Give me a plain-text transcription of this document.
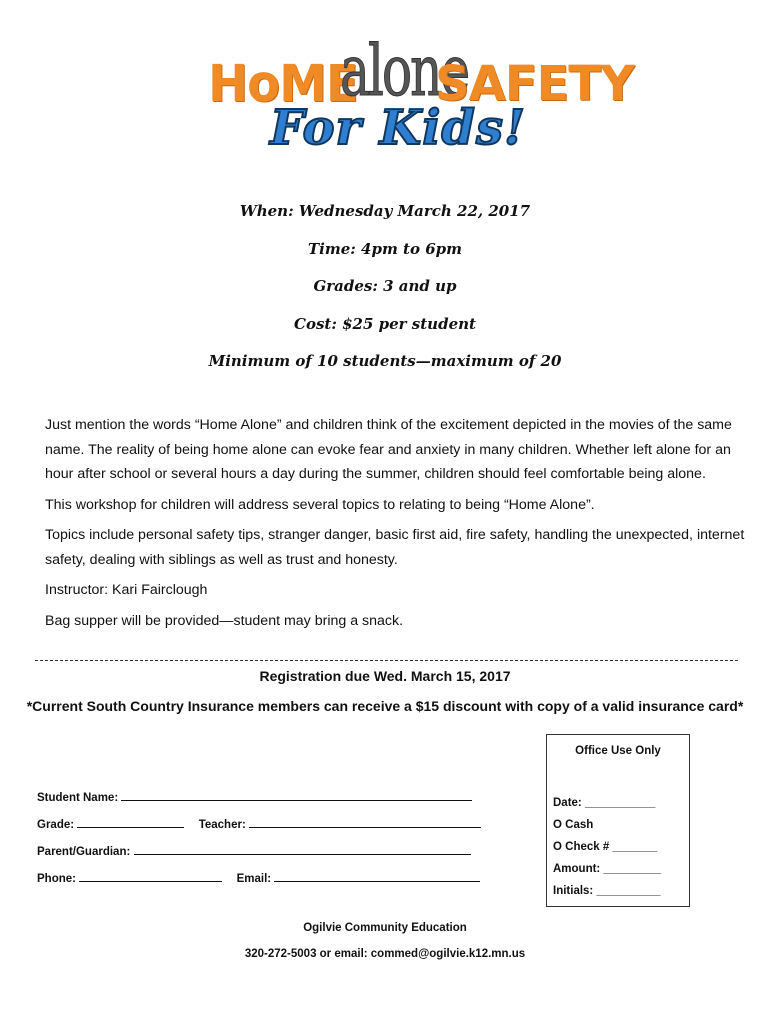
HoME
alone
SAFETY
For Kids!
When: Wednesday March 22, 2017
Time: 4pm to 6pm
Grades: 3 and up
Cost: $25 per student
Minimum of 10 students—maximum of 20

Just mention the words “Home Alone” and children think of the excitement depicted in the movies of the same name. The reality of being home alone can evoke fear and anxiety in many children. Whether left alone for an hour after school or several hours a day during the summer, children should feel comfortable being alone.

This workshop for children will address several topics to relating to being “Home Alone”.

Topics include personal safety tips, stranger danger, basic first aid, fire safety, handling the unexpected, internet safety, dealing with siblings as well as trust and honesty.

Instructor: Kari Fairclough

Bag supper will be provided—student may bring a snack.

Registration due Wed. March 15, 2017
*Current South Country Insurance members can receive a $15 discount with copy of a valid insurance card*
Student Name:
Grade:	Teacher:
Parent/Guardian:
Phone:	Email:
Office Use Only
Date: ___________
O Cash
O Check # _______
Amount: _________
Initials: __________
Ogilvie Community Education
320-272-5003 or email: commed@ogilvie.k12.mn.us
